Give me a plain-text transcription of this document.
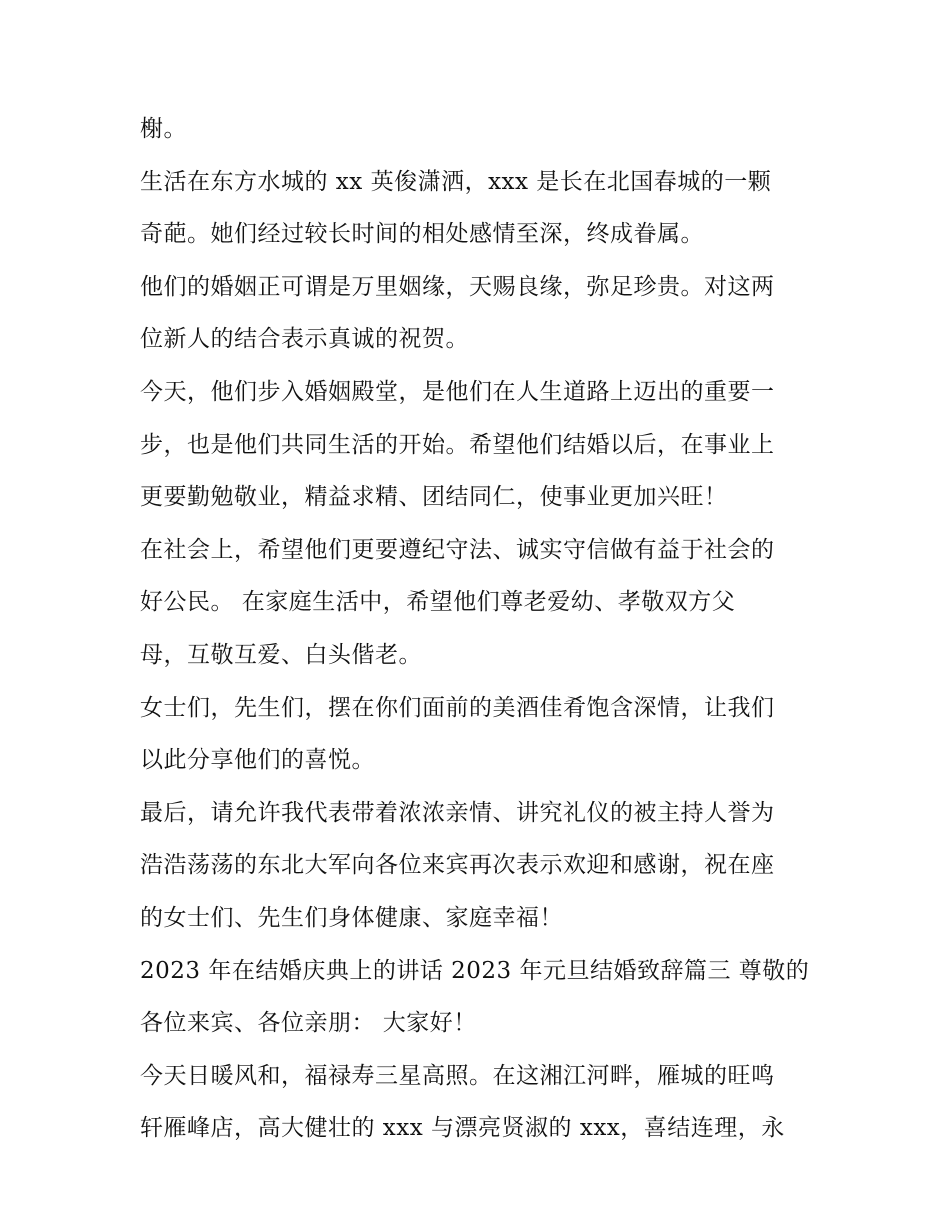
榭。
生活在东方水城的 xx 英俊潇洒，xxx 是长在北国春城的一颗
奇葩。她们经过较长时间的相处感情至深，终成眷属。
他们的婚姻正可谓是万里姻缘，天赐良缘，弥足珍贵。对这两
位新人的结合表示真诚的祝贺。
今天，他们步入婚姻殿堂，是他们在人生道路上迈出的重要一
步，也是他们共同生活的开始。希望他们结婚以后，在事业上
更要勤勉敬业，精益求精、团结同仁，使事业更加兴旺！
在社会上，希望他们更要遵纪守法、诚实守信做有益于社会的
好公民。 在家庭生活中，希望他们尊老爱幼、孝敬双方父
母，互敬互爱、白头偕老。
女士们，先生们，摆在你们面前的美酒佳肴饱含深情，让我们
以此分享他们的喜悦。
最后，请允许我代表带着浓浓亲情、讲究礼仪的被主持人誉为
浩浩荡荡的东北大军向各位来宾再次表示欢迎和感谢，祝在座
的女士们、先生们身体健康、家庭幸福！
2023 年在结婚庆典上的讲话 2023 年元旦结婚致辞篇三 尊敬的
各位来宾、各位亲朋： 大家好！
今天日暖风和，福禄寿三星高照。在这湘江河畔，雁城的旺鸣
轩雁峰店，高大健壮的 xxx 与漂亮贤淑的 xxx，喜结连理，永
